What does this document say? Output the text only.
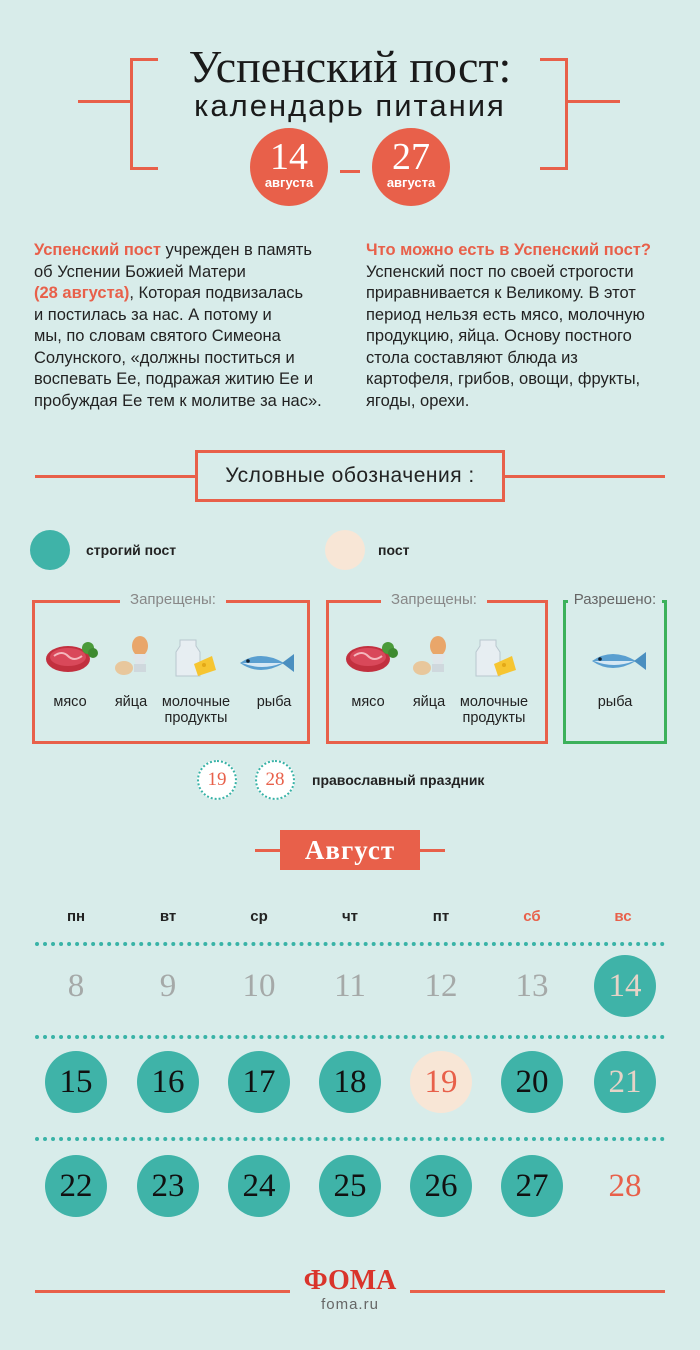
Успенский пост:
календарь питания
14
августа
27
августа
Успенский пост учрежден в память
об Успении Божией Матери
(28 августа), Которая подвизалась
и постилась за нас. А потому и
мы, по словам святого Симеона
Солунского, «должны поститься и
воспевать Ее, подражая житию Ее и
пробуждая Ее тем к молитве за нас».
Что можно есть в Успенский пост?
Успенский пост по своей строгости
приравнивается к Великому. В этот
период нельзя есть мясо, молочную
продукцию, яйца. Основу постного
стола составляют блюда из
картофеля, грибов, овощи, фрукты,
ягоды, орехи.
Условные обозначения :
строгий пост	пост
Запрещены:
мясо	яйца	молочные
продукты
рыба
Запрещены:
мясо	яйца	молочные
продукты
Разрешено:
рыба
19	28	православный праздник
Август
пн	вт	ср	чт	пт	сб	вс
8	9	10	11	12	13	14
15	16	17	18	19	20	21
22	23	24	25	26	27	28
ФОМА
foma.ru
